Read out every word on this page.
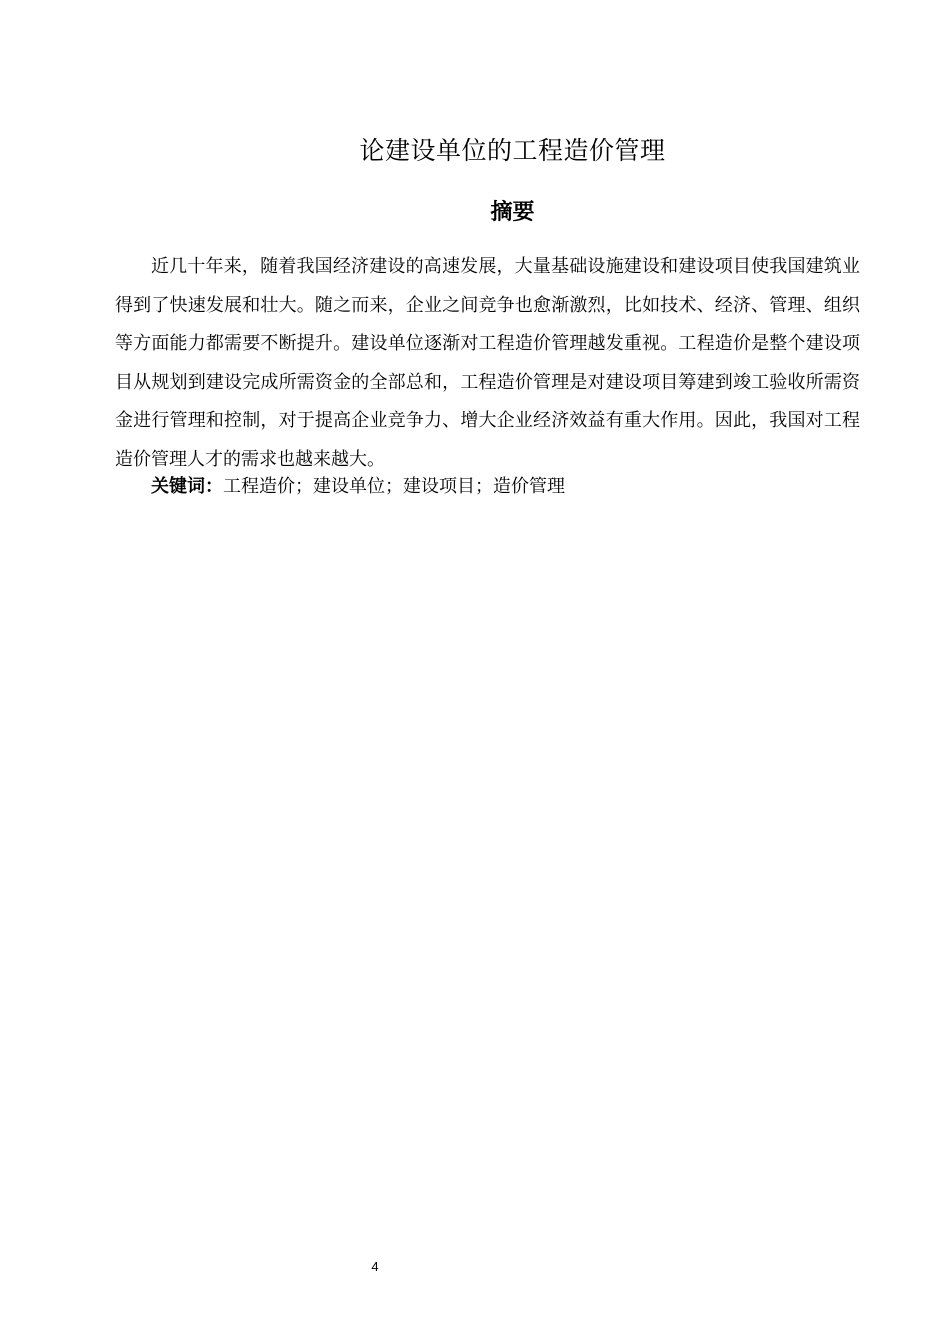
论建设单位的工程造价管理
摘要

近几十年来，随着我国经济建设的高速发展，大量基础设施建设和建设项目使我国建筑业得到了快速发展和壮大。随之而来，企业之间竞争也愈渐激烈，比如技术、经济、管理、组织等方面能力都需要不断提升。建设单位逐渐对工程造价管理越发重视。工程造价是整个建设项目从规划到建设完成所需资金的全部总和，工程造价管理是对建设项目筹建到竣工验收所需资金进行管理和控制，对于提高企业竞争力、增大企业经济效益有重大作用。因此，我国对工程造价管理人才的需求也越来越大。

关键词：工程造价；建设单位；建设项目；造价管理
4
